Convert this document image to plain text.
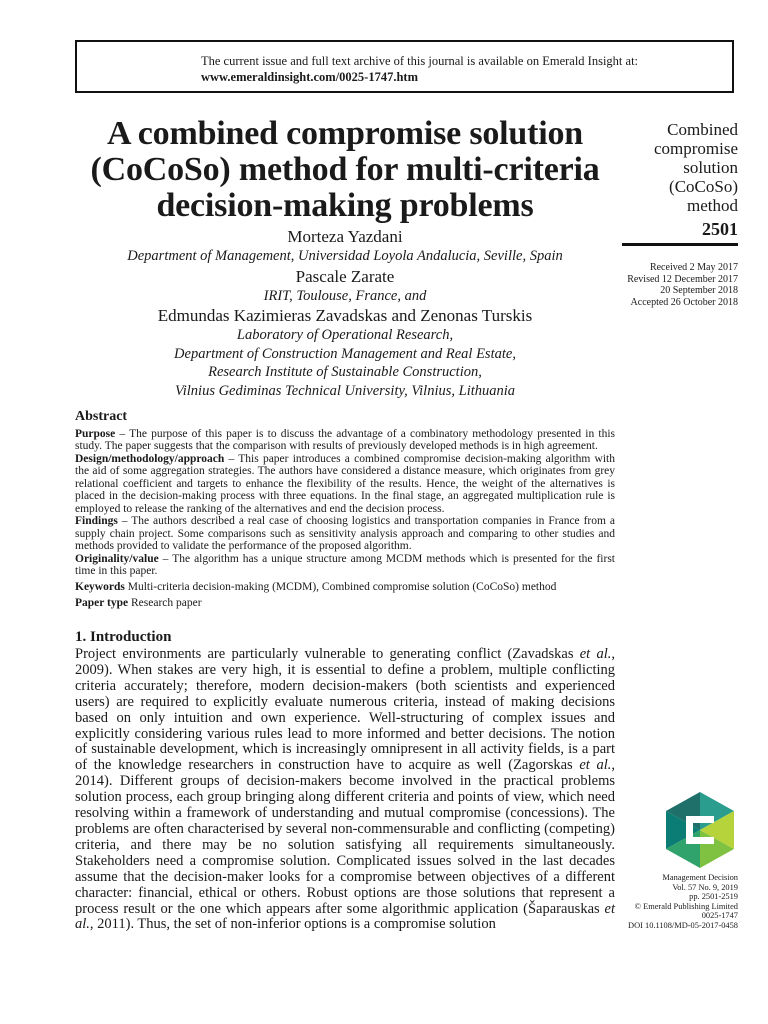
The current issue and full text archive of this journal is available on Emerald Insight at:
www.emeraldinsight.com/0025-1747.htm
A combined compromise solution (CoCoSo) method for multi-criteria decision-making problems
Combined
compromise
solution (CoCoSo)
method
2501
Received 2 May 2017
Revised 12 December 2017
20 September 2018
Accepted 26 October 2018
Morteza Yazdani
Department of Management, Universidad Loyola Andalucia, Seville, Spain
Pascale Zarate
IRIT, Toulouse, France, and
Edmundas Kazimieras Zavadskas and Zenonas Turskis
Laboratory of Operational Research,
Department of Construction Management and Real Estate,
Research Institute of Sustainable Construction,
Vilnius Gediminas Technical University, Vilnius, Lithuania
Abstract

Purpose – The purpose of this paper is to discuss the advantage of a combinatory methodology presented in this study. The paper suggests that the comparison with results of previously developed methods is in high agreement.

Design/methodology/approach – This paper introduces a combined compromise decision-making algorithm with the aid of some aggregation strategies. The authors have considered a distance measure, which originates from grey relational coefficient and targets to enhance the flexibility of the results. Hence, the weight of the alternatives is placed in the decision-making process with three equations. In the final stage, an aggregated multiplication rule is employed to release the ranking of the alternatives and end the decision process.

Findings – The authors described a real case of choosing logistics and transportation companies in France from a supply chain project. Some comparisons such as sensitivity analysis approach and comparing to other studies and methods provided to validate the performance of the proposed algorithm.

Originality/value – The algorithm has a unique structure among MCDM methods which is presented for the first time in this paper.

Keywords Multi-criteria decision-making (MCDM), Combined compromise solution (CoCoSo) method

Paper type Research paper

1. Introduction

Project environments are particularly vulnerable to generating conflict (Zavadskas et al., 2009). When stakes are very high, it is essential to define a problem, multiple conflicting criteria accurately; therefore, modern decision-makers (both scientists and experienced users) are required to explicitly evaluate numerous criteria, instead of making decisions based on only intuition and own experience. Well-structuring of complex issues and explicitly considering various rules lead to more informed and better decisions. The notion of sustainable development, which is increasingly omnipresent in all activity fields, is a part of the knowledge researchers in construction have to acquire as well (Zagorskas et al., 2014). Different groups of decision-makers become involved in the practical problems solution process, each group bringing along different criteria and points of view, which need resolving within a framework of understanding and mutual compromise (concessions). The problems are often characterised by several non-commensurable and conflicting (competing) criteria, and there may be no solution satisfying all requirements simultaneously. Stakeholders need a compromise solution. Complicated issues solved in the last decades assume that the decision-maker looks for a compromise between objectives of a different character: financial, ethical or others. Robust options are those solutions that represent a process result or the one which appears after some algorithmic application (Šaparauskas et al., 2011). Thus, the set of non-inferior options is a compromise solution

Management Decision
Vol. 57 No. 9, 2019
pp. 2501-2519
© Emerald Publishing Limited
0025-1747
DOI 10.1108/MD-05-2017-0458
